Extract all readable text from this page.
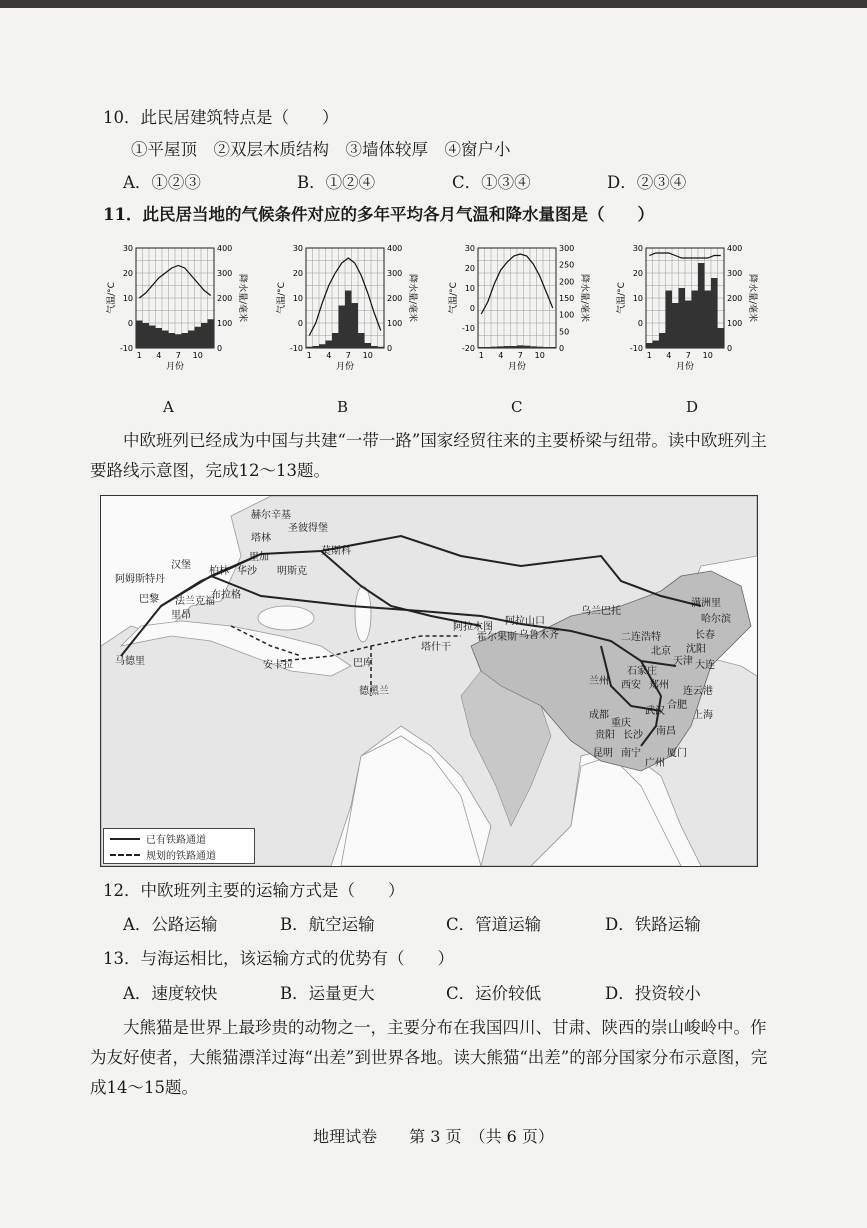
10．此民居建筑特点是（　　）
①平屋顶　②双层木质结构　③墙体较厚　④窗户小
A．①②③	B．①②④	C．①③④	D．②③④
11．此民居当地的气候条件对应的多年平均各月气温和降水量图是（　　）
-10
0
10
20
30
0
100
200
300
400
1 4 7 10
月份
气温/°C	降水量/毫米
-10
0
10
20
30
0
100
200
300
400
1 4 7 10
月份
气温/°C	降水量/毫米
-20
-10
0
10
20
30
0
50
100
150
200
250
300
1 4 7 10
月份
气温/°C	降水量/毫米
-10
0
10
20
30
0
100
200
300
400
1 4 7 10
月份
气温/°C	降水量/毫米
A	B	C	D
中欧班列已经成为中国与共建“一带一路”国家经贸往来的主要桥梁与纽带。读中欧班列主要路线示意图，完成12～13题。
赫尔辛基
圣彼得堡
塔林
里加
莫斯科
汉堡
柏林 华沙 明斯克
阿姆斯特丹
巴黎 法兰克福
布拉格
里昂
马德里	安卡拉	巴库
德黑兰
阿拉木图
塔什干
霍尔果斯
阿拉山口
乌鲁木齐
乌兰巴托
二连浩特
满洲里
哈尔滨
长春
沈阳
北京
天津 大连
石家庄
郑州
西安
兰州
连云港
成都
重庆
武汉
合肥
上海
贵阳 长沙 南昌
昆明 南宁	厦门
广州
已有铁路通道
规划的铁路通道
12．中欧班列主要的运输方式是（　　）
A．公路运输	B．航空运输	C．管道运输	D．铁路运输
13．与海运相比，该运输方式的优势有（　　）
A．速度较快	B．运量更大	C．运价较低	D．投资较小
大熊猫是世界上最珍贵的动物之一，主要分布在我国四川、甘肃、陕西的崇山峻岭中。作为友好使者，大熊猫漂洋过海“出差”到世界各地。读大熊猫“出差”的部分国家分布示意图，完成14～15题。
地理试卷　　第 3 页　（共 6 页）
